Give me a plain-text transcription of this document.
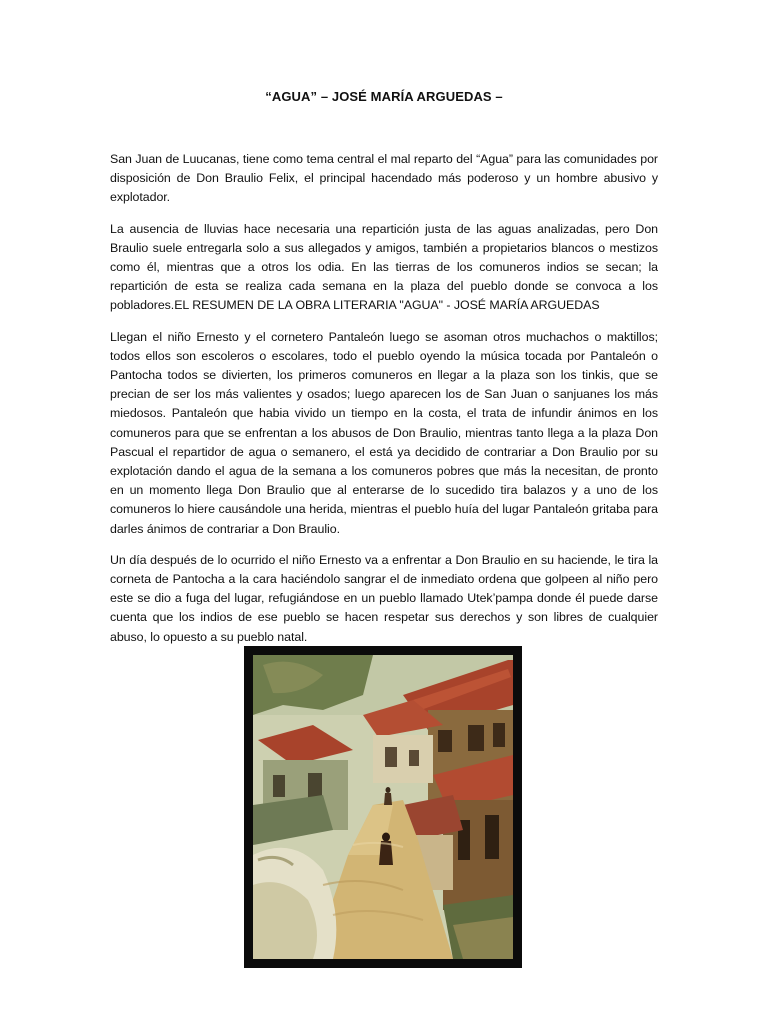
“AGUA” – JOSÉ MARÍA ARGUEDAS –

San Juan de Luucanas, tiene como tema central el mal reparto del “Agua” para las comunidades por disposición de Don Braulio Felix, el principal hacendado más poderoso y un hombre abusivo y explotador.

La ausencia de lluvias hace necesaria una repartición justa de las aguas analizadas, pero Don Braulio suele entregarla solo a sus allegados y amigos, también a propietarios blancos o mestizos como él, mientras que a otros los odia. En las tierras de los comuneros indios se secan; la repartición de esta se realiza cada semana en la plaza del pueblo donde se convoca a los pobladores.EL RESUMEN DE LA OBRA LITERARIA "AGUA" - JOSÉ MARÍA ARGUEDAS

Llegan el niño Ernesto y el cornetero Pantaleón luego se asoman otros muchachos o maktillos; todos ellos son escoleros o escolares, todo el pueblo oyendo la música tocada por Pantaleón o Pantocha todos se divierten, los primeros comuneros en llegar a la plaza son los tinkis, que se precian de ser los más valientes y osados; luego aparecen los de San Juan o sanjuanes los más miedosos. Pantaleón que habia vivido un tiempo en la costa, el trata de infundir ánimos en los comuneros para que se enfrentan a los abusos de Don Braulio, mientras tanto llega a la plaza Don Pascual el repartidor de agua o semanero, el está ya decidido de contrariar a Don Braulio por su explotación dando el agua de la semana a los comuneros pobres que más la necesitan, de pronto en un momento llega Don Braulio que al enterarse de lo sucedido tira balazos y a uno de los comuneros lo hiere causándole una herida, mientras el pueblo huía del lugar Pantaleón gritaba para darles ánimos de contrariar a Don Braulio.

Un día después de lo ocurrido el niño Ernesto va a enfrentar a Don Braulio en su haciende, le tira la corneta de Pantocha a la cara haciéndolo sangrar el de inmediato ordena que golpeen al niño pero este se dio a fuga del lugar, refugiándose en un pueblo llamado Utek’pampa donde él puede darse cuenta que los indios de ese pueblo se hacen respetar sus derechos y son libres de cualquier abuso, lo opuesto a su pueblo natal.
